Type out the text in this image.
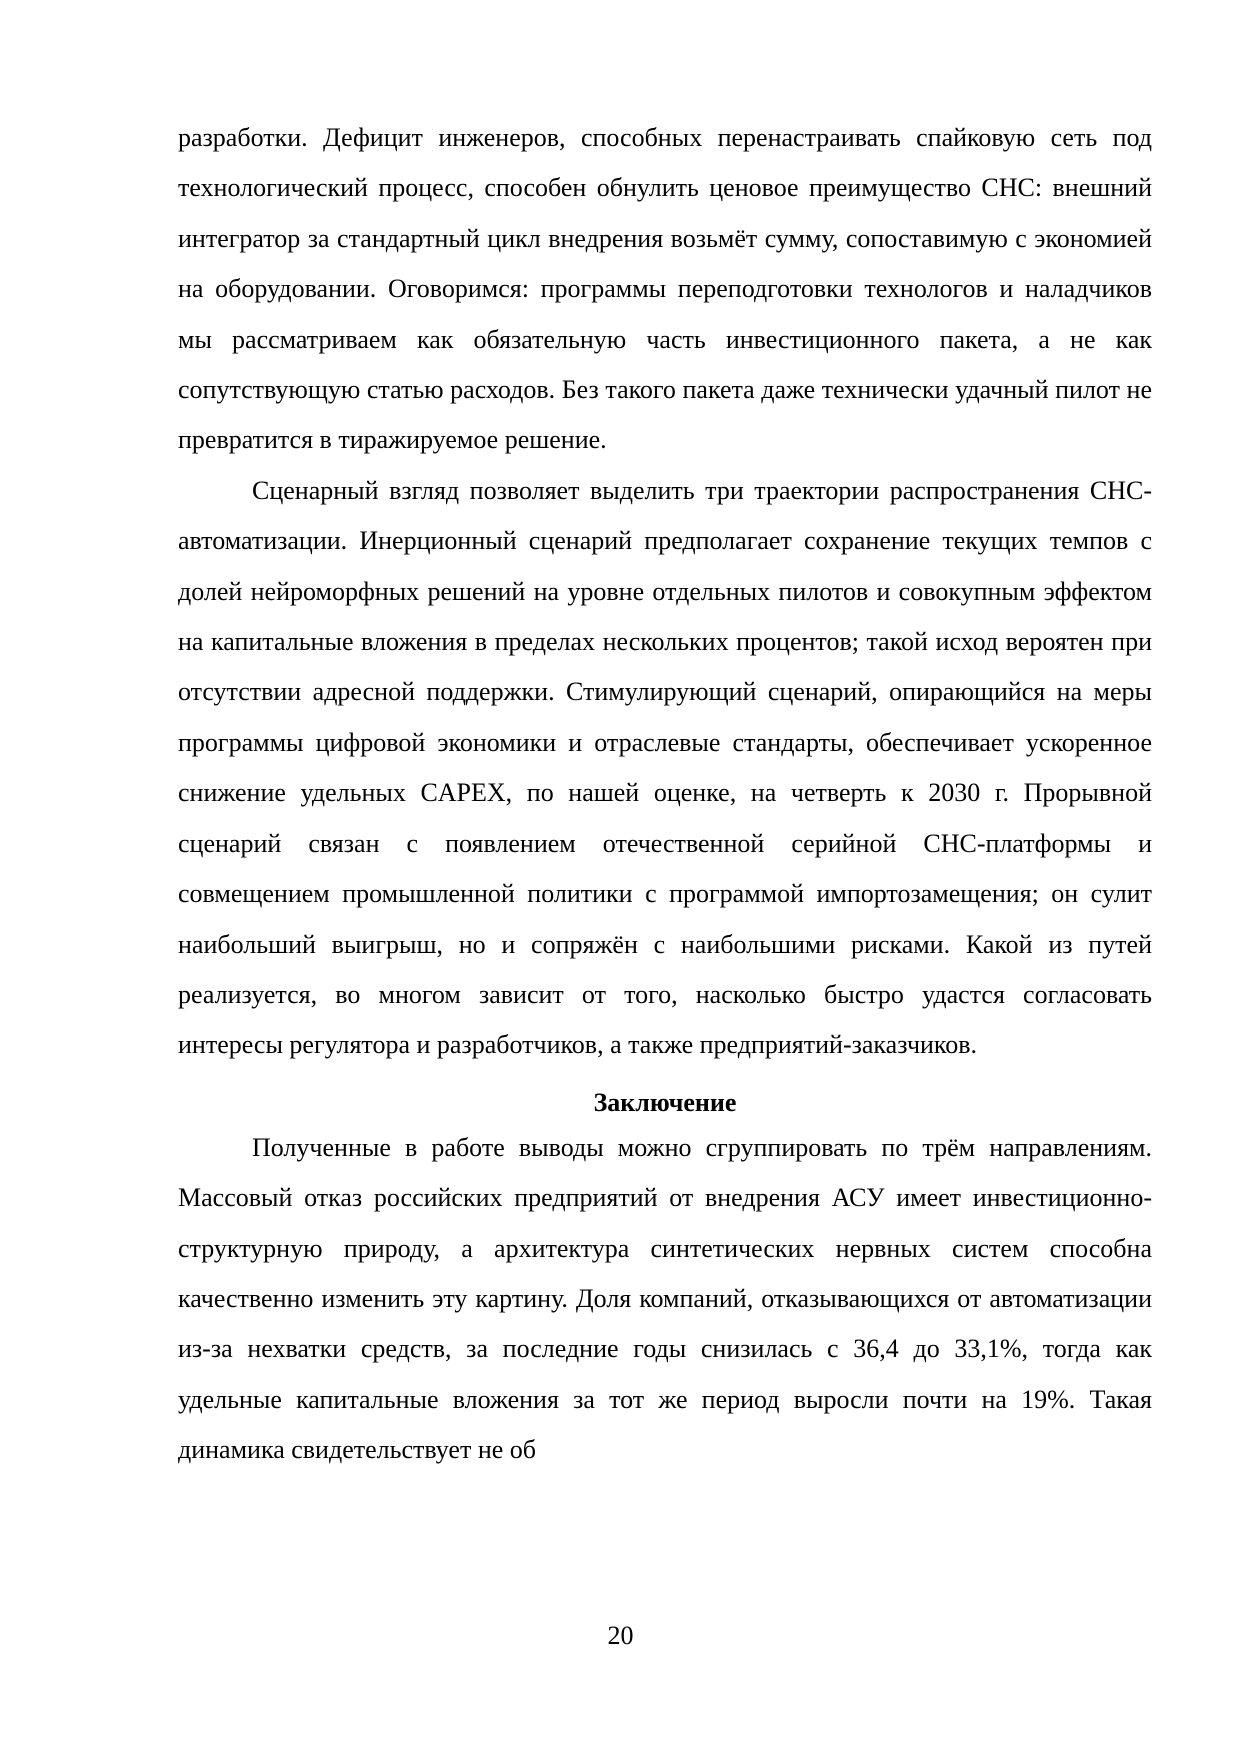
разработки. Дефицит инженеров, способных перенастраивать спайковую сеть под технологический процесс, способен обнулить ценовое преимущество СНС: внешний интегратор за стандартный цикл внедрения возьмёт сумму, сопоставимую с экономией на оборудовании. Оговоримся: программы переподготовки технологов и наладчиков мы рассматриваем как обязательную часть инвестиционного пакета, а не как сопутствующую статью расходов. Без такого пакета даже технически удачный пилот не превратится в тиражируемое решение.

Сценарный взгляд позволяет выделить три траектории распространения СНС-автоматизации. Инерционный сценарий предполагает сохранение текущих темпов с долей нейроморфных решений на уровне отдельных пилотов и совокупным эффектом на капитальные вложения в пределах нескольких процентов; такой исход вероятен при отсутствии адресной поддержки. Стимулирующий сценарий, опирающийся на меры программы цифровой экономики и отраслевые стандарты, обеспечивает ускоренное снижение удельных CAPEX, по нашей оценке, на четверть к 2030 г. Прорывной сценарий связан с появлением отечественной серийной СНС-платформы и совмещением промышленной политики с программой импортозамещения; он сулит наибольший выигрыш, но и сопряжён с наибольшими рисками. Какой из путей реализуется, во многом зависит от того, насколько быстро удастся согласовать интересы регулятора и разработчиков, а также предприятий-заказчиков.

Заключение

Полученные в работе выводы можно сгруппировать по трём направлениям. Массовый отказ российских предприятий от внедрения АСУ имеет инвестиционно-структурную природу, а архитектура синтетических нервных систем способна качественно изменить эту картину. Доля компаний, отказывающихся от автоматизации из-за нехватки средств, за последние годы снизилась с 36,4 до 33,1%, тогда как удельные капитальные вложения за тот же период выросли почти на 19%. Такая динамика свидетельствует не об

20
